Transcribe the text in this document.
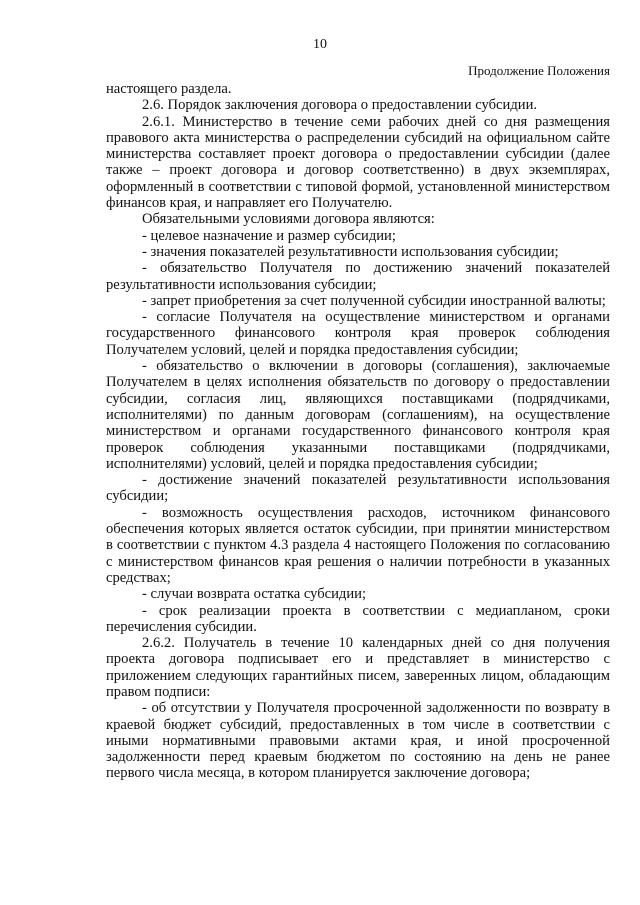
10
Продолжение Положения

настоящего раздела.

2.6. Порядок заключения договора о предоставлении субсидии.

2.6.1. Министерство в течение семи рабочих дней со дня размещения правового акта министерства о распределении субсидий на официальном сайте министерства составляет проект договора о предоставлении субсидии (далее также – проект договора и договор соответственно) в двух экземплярах, оформленный в соответствии с типовой формой, установленной министерством финансов края, и направляет его Получателю.

Обязательными условиями договора являются:

- целевое назначение и размер субсидии;

- значения показателей результативности использования субсидии;

- обязательство Получателя по достижению значений показателей результативности использования субсидии;

- запрет приобретения за счет полученной субсидии иностранной валюты;

- согласие Получателя на осуществление министерством и органами государственного финансового контроля края проверок соблюдения Получателем условий, целей и порядка предоставления субсидии;

- обязательство о включении в договоры (соглашения), заключаемые Получателем в целях исполнения обязательств по договору о предоставлении субсидии, согласия лиц, являющихся поставщиками (подрядчиками, исполнителями) по данным договорам (соглашениям), на осуществление министерством и органами государственного финансового контроля края проверок соблюдения указанными поставщиками (подрядчиками, исполнителями) условий, целей и порядка предоставления субсидии;

- достижение значений показателей результативности использования субсидии;

- возможность осуществления расходов, источником финансового обеспечения которых является остаток субсидии, при принятии министерством в соответствии с пунктом 4.3 раздела 4 настоящего Положения по согласованию с министерством финансов края решения о наличии потребности в указанных средствах;

- случаи возврата остатка субсидии;

- срок реализации проекта в соответствии с медиапланом, сроки перечисления субсидии.

2.6.2. Получатель в течение 10 календарных дней со дня получения проекта договора подписывает его и представляет в министерство с приложением следующих гарантийных писем, заверенных лицом, обладающим правом подписи:

- об отсутствии у Получателя просроченной задолженности по возврату в краевой бюджет субсидий, предоставленных в том числе в соответствии с иными нормативными правовыми актами края, и иной просроченной задолженности перед краевым бюджетом по состоянию на день не ранее первого числа месяца, в котором планируется заключение договора;
